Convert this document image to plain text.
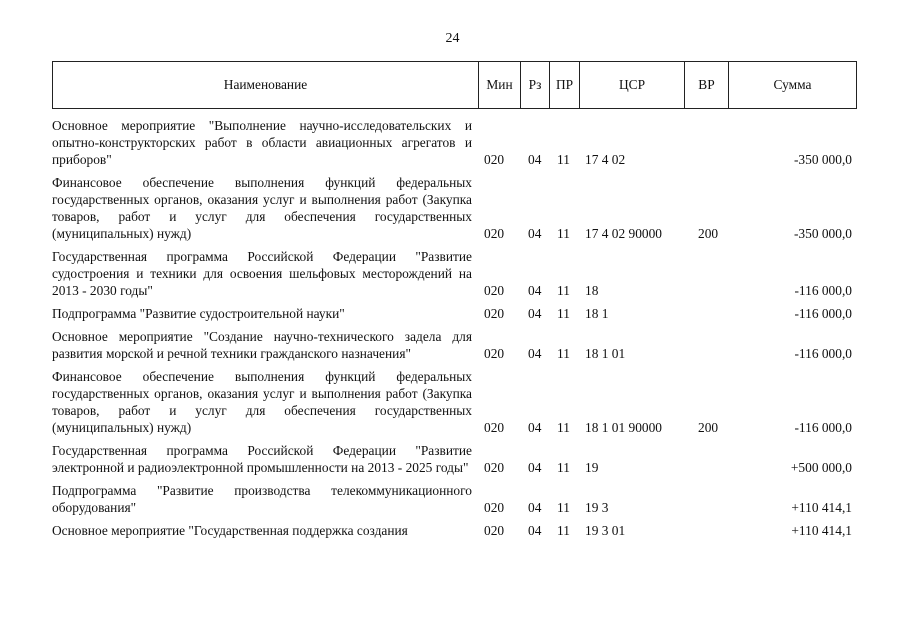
24
Наименование	Мин	Рз	ПР	ЦСР	ВР	Сумма
Основное мероприятие "Выполнение научно-исследовательских и опытно-конструкторских работ в области авиационных агрегатов и приборов"	020	04	11	17 4 02		-350 000,0
Финансовое обеспечение выполнения функций федеральных государственных органов, оказания услуг и выполнения работ (Закупка товаров, работ и услуг для обеспечения государственных (муниципальных) нужд)	020	04	11	17 4 02 90000	200	-350 000,0
Государственная программа Российской Федерации "Развитие судостроения и техники для освоения шельфовых месторождений на 2013 - 2030 годы"	020	04	11	18		-116 000,0
Подпрограмма "Развитие судостроительной науки"	020	04	11	18 1		-116 000,0
Основное мероприятие "Создание научно-технического задела для развития морской и речной техники гражданского назначения"	020	04	11	18 1 01		-116 000,0
Финансовое обеспечение выполнения функций федеральных государственных органов, оказания услуг и выполнения работ (Закупка товаров, работ и услуг для обеспечения государственных (муниципальных) нужд)	020	04	11	18 1 01 90000	200	-116 000,0
Государственная программа Российской Федерации "Развитие электронной и радиоэлектронной промышленности на 2013 - 2025 годы"	020	04	11	19		+500 000,0
Подпрограмма "Развитие производства телекоммуникационного оборудования"	020	04	11	19 3		+110 414,1
Основное мероприятие "Государственная поддержка создания	020	04	11	19 3 01		+110 414,1
